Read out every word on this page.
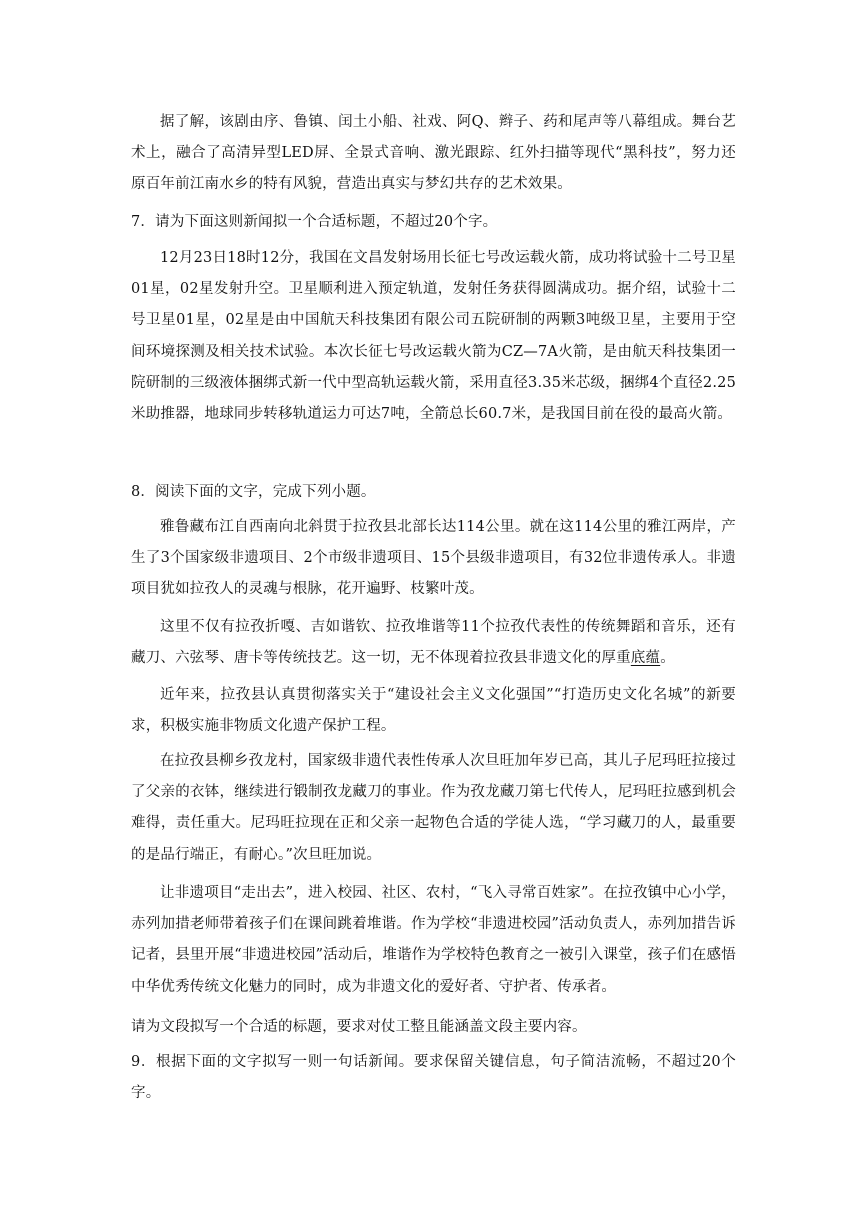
据了解，该剧由序、鲁镇、闰土小船、社戏、阿Q、辫子、药和尾声等八幕组成。舞台艺术上，融合了高清异型LED屏、全景式音响、激光跟踪、红外扫描等现代“黑科技”，努力还原百年前江南水乡的特有风貌，营造出真实与梦幻共存的艺术效果。

7．请为下面这则新闻拟一个合适标题，不超过20个字。

12月23日18时12分，我国在文昌发射场用长征七号改运载火箭，成功将试验十二号卫星01星，02星发射升空。卫星顺利进入预定轨道，发射任务获得圆满成功。据介绍，试验十二号卫星01星，02星是由中国航天科技集团有限公司五院研制的两颗3吨级卫星，主要用于空间环境探测及相关技术试验。本次长征七号改运载火箭为CZ—7A火箭，是由航天科技集团一院研制的三级液体捆绑式新一代中型高轨运载火箭，采用直径3.35米芯级，捆绑4个直径2.25米助推器，地球同步转移轨道运力可达7吨，全箭总长60.7米，是我国目前在役的最高火箭。

8．阅读下面的文字，完成下列小题。

雅鲁藏布江自西南向北斜贯于拉孜县北部长达114公里。就在这114公里的雅江两岸，产生了3个国家级非遗项目、2个市级非遗项目、15个县级非遗项目，有32位非遗传承人。非遗项目犹如拉孜人的灵魂与根脉，花开遍野、枝繁叶茂。

这里不仅有拉孜折嘎、吉如谐钦、拉孜堆谐等11个拉孜代表性的传统舞蹈和音乐，还有藏刀、六弦琴、唐卡等传统技艺。这一切，无不体现着拉孜县非遗文化的厚重底蕴。

近年来，拉孜县认真贯彻落实关于“建设社会主义文化强国”“打造历史文化名城”的新要求，积极实施非物质文化遗产保护工程。

在拉孜县柳乡孜龙村，国家级非遗代表性传承人次旦旺加年岁已高，其儿子尼玛旺拉接过了父亲的衣钵，继续进行锻制孜龙藏刀的事业。作为孜龙藏刀第七代传人，尼玛旺拉感到机会难得，责任重大。尼玛旺拉现在正和父亲一起物色合适的学徒人选，“学习藏刀的人，最重要的是品行端正，有耐心。”次旦旺加说。

让非遗项目“走出去”，进入校园、社区、农村，“飞入寻常百姓家”。在拉孜镇中心小学，赤列加措老师带着孩子们在课间跳着堆谐。作为学校“非遗进校园”活动负责人，赤列加措告诉记者，县里开展“非遗进校园”活动后，堆谐作为学校特色教育之一被引入课堂，孩子们在感悟中华优秀传统文化魅力的同时，成为非遗文化的爱好者、守护者、传承者。

请为文段拟写一个合适的标题，要求对仗工整且能涵盖文段主要内容。

9．根据下面的文字拟写一则一句话新闻。要求保留关键信息，句子简洁流畅，不超过20个字。
